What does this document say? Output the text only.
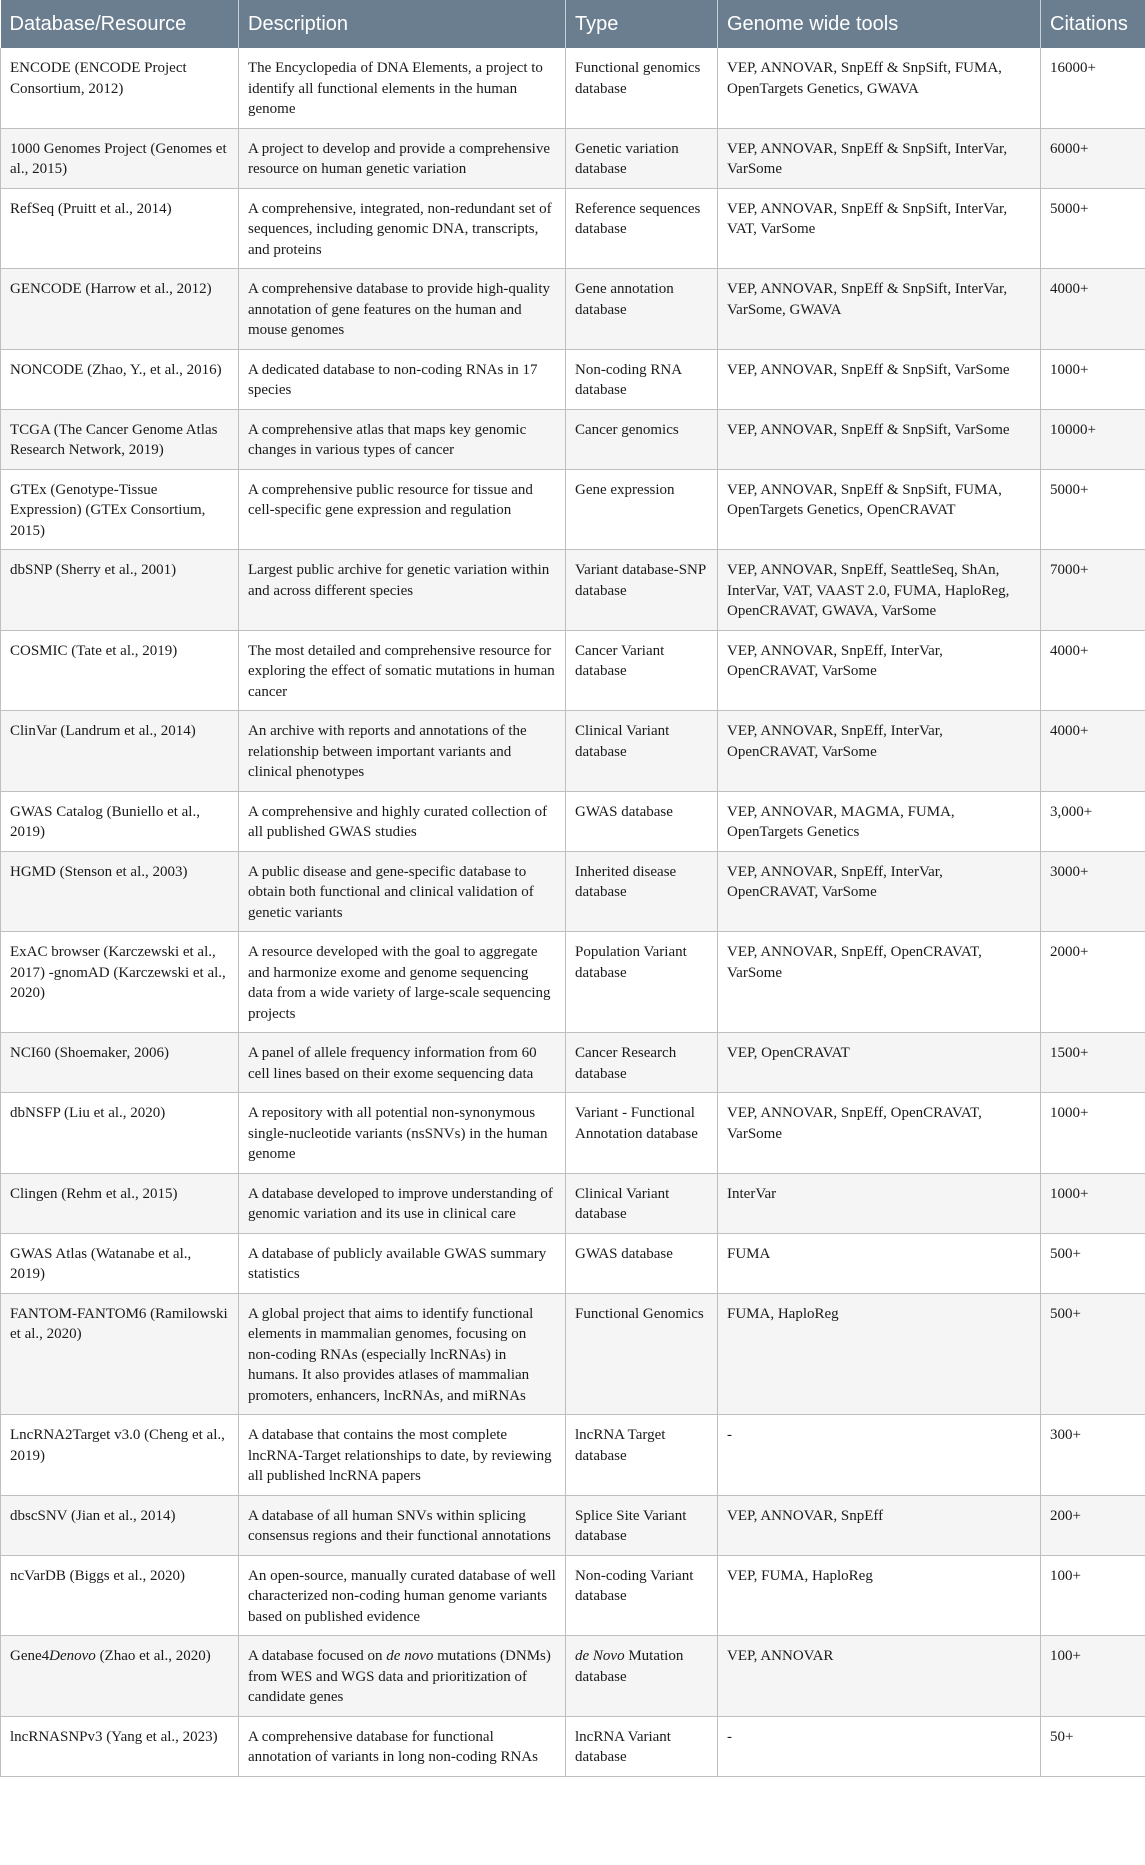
Database/Resource	Description	Type	Genome wide tools	Citations
ENCODE (ENCODE Project Consortium, 2012)	The Encyclopedia of DNA Elements, a project to identify all functional elements in the human genome	Functional genomics database	VEP, ANNOVAR, SnpEff & SnpSift, FUMA, OpenTargets Genetics, GWAVA	16000+
1000 Genomes Project (Genomes et al., 2015)	A project to develop and provide a comprehensive resource on human genetic variation	Genetic variation database	VEP, ANNOVAR, SnpEff & SnpSift, InterVar, VarSome	6000+
RefSeq (Pruitt et al., 2014)	A comprehensive, integrated, non-redundant set of sequences, including genomic DNA, transcripts, and proteins	Reference sequences database	VEP, ANNOVAR, SnpEff & SnpSift, InterVar, VAT, VarSome	5000+
GENCODE (Harrow et al., 2012)	A comprehensive database to provide high-quality annotation of gene features on the human and mouse genomes	Gene annotation database	VEP, ANNOVAR, SnpEff & SnpSift, InterVar, VarSome, GWAVA	4000+
NONCODE (Zhao, Y., et al., 2016)	A dedicated database to non-coding RNAs in 17 species	Non-coding RNA database	VEP, ANNOVAR, SnpEff & SnpSift, VarSome	1000+
TCGA (The Cancer Genome Atlas Research Network, 2019)	A comprehensive atlas that maps key genomic changes in various types of cancer	Cancer genomics	VEP, ANNOVAR, SnpEff & SnpSift, VarSome	10000+
GTEx (Genotype-Tissue Expression) (GTEx Consortium, 2015)	A comprehensive public resource for tissue and cell-specific gene expression and regulation	Gene expression	VEP, ANNOVAR, SnpEff & SnpSift, FUMA, OpenTargets Genetics, OpenCRAVAT	5000+
dbSNP (Sherry et al., 2001)	Largest public archive for genetic variation within and across different species	Variant database-SNP database	VEP, ANNOVAR, SnpEff, SeattleSeq, ShAn, InterVar, VAT, VAAST 2.0, FUMA, HaploReg, OpenCRAVAT, GWAVA, VarSome	7000+
COSMIC (Tate et al., 2019)	The most detailed and comprehensive resource for exploring the effect of somatic mutations in human cancer	Cancer Variant database	VEP, ANNOVAR, SnpEff, InterVar, OpenCRAVAT, VarSome	4000+
ClinVar (Landrum et al., 2014)	An archive with reports and annotations of the relationship between important variants and clinical phenotypes	Clinical Variant database	VEP, ANNOVAR, SnpEff, InterVar, OpenCRAVAT, VarSome	4000+
GWAS Catalog (Buniello et al., 2019)	A comprehensive and highly curated collection of all published GWAS studies	GWAS database	VEP, ANNOVAR, MAGMA, FUMA, OpenTargets Genetics	3,000+
HGMD (Stenson et al., 2003)	A public disease and gene-specific database to obtain both functional and clinical validation of genetic variants	Inherited disease database	VEP, ANNOVAR, SnpEff, InterVar, OpenCRAVAT, VarSome	3000+
ExAC browser (Karczewski et al., 2017) -gnomAD (Karczewski et al., 2020)	A resource developed with the goal to aggregate and harmonize exome and genome sequencing data from a wide variety of large-scale sequencing projects	Population Variant database	VEP, ANNOVAR, SnpEff, OpenCRAVAT, VarSome	2000+
NCI60 (Shoemaker, 2006)	A panel of allele frequency information from 60 cell lines based on their exome sequencing data	Cancer Research database	VEP, OpenCRAVAT	1500+
dbNSFP (Liu et al., 2020)	A repository with all potential non-synonymous single-nucleotide variants (nsSNVs) in the human genome	Variant - Functional Annotation database	VEP, ANNOVAR, SnpEff, OpenCRAVAT, VarSome	1000+
Clingen (Rehm et al., 2015)	A database developed to improve understanding of genomic variation and its use in clinical care	Clinical Variant database	InterVar	1000+
GWAS Atlas (Watanabe et al., 2019)	A database of publicly available GWAS summary statistics	GWAS database	FUMA	500+
FANTOM-FANTOM6 (Ramilowski et al., 2020)	A global project that aims to identify functional elements in mammalian genomes, focusing on non-coding RNAs (especially lncRNAs) in humans. It also provides atlases of mammalian promoters, enhancers, lncRNAs, and miRNAs	Functional Genomics	FUMA, HaploReg	500+
LncRNA2Target v3.0 (Cheng et al., 2019)	A database that contains the most complete lncRNA-Target relationships to date, by reviewing all published lncRNA papers	lncRNA Target database	-	300+
dbscSNV (Jian et al., 2014)	A database of all human SNVs within splicing consensus regions and their functional annotations	Splice Site Variant database	VEP, ANNOVAR, SnpEff	200+
ncVarDB (Biggs et al., 2020)	An open-source, manually curated database of well characterized non-coding human genome variants based on published evidence	Non-coding Variant database	VEP, FUMA, HaploReg	100+
Gene4Denovo (Zhao et al., 2020)	A database focused on de novo mutations (DNMs) from WES and WGS data and prioritization of candidate genes	de Novo Mutation database	VEP, ANNOVAR	100+
lncRNASNPv3 (Yang et al., 2023)	A comprehensive database for functional annotation of variants in long non-coding RNAs	lncRNA Variant database	-	50+
